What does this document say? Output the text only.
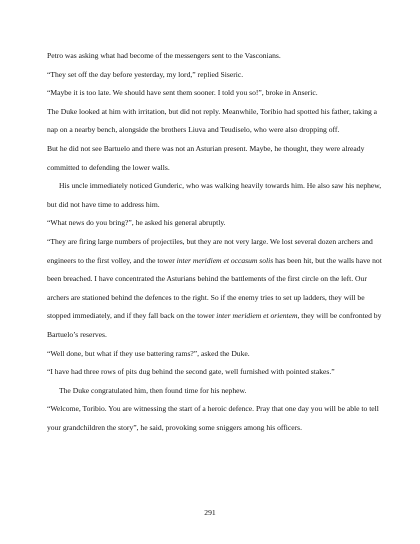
Petro was asking what had become of the messengers sent to the Vasconians.

“They set off the day before yesterday, my lord,” replied Siseric.

“Maybe it is too late. We should have sent them sooner. I told you so!”, broke in Anseric.

The Duke looked at him with irritation, but did not reply. Meanwhile, Toribio had spotted his father, taking a nap on a nearby bench, alongside the brothers Liuva and Teudiselo, who were also dropping off.

But he did not see Bartuelo and there was not an Asturian present. Maybe, he thought, they were already committed to defending the lower walls.

His uncle immediately noticed Gunderic, who was walking heavily towards him. He also saw his nephew, but did not have time to address him.

“What news do you bring?”, he asked his general abruptly.

“They are firing large numbers of projectiles, but they are not very large. We lost several dozen archers and engineers to the first volley, and the tower inter meridiem et occasum solis has been hit, but the walls have not been breached. I have concentrated the Asturians behind the battlements of the first circle on the left. Our archers are stationed behind the defences to the right. So if the enemy tries to set up ladders, they will be stopped immediately, and if they fall back on the tower inter meridiem et orientem, they will be confronted by Bartuelo’s reserves.

“Well done, but what if they use battering rams?”, asked the Duke.

“I have had three rows of pits dug behind the second gate, well furnished with pointed stakes.”

The Duke congratulated him, then found time for his nephew.

“Welcome, Toribio. You are witnessing the start of a heroic defence. Pray that one day you will be able to tell your grandchildren the story”, he said, provoking some sniggers among his officers.

291
